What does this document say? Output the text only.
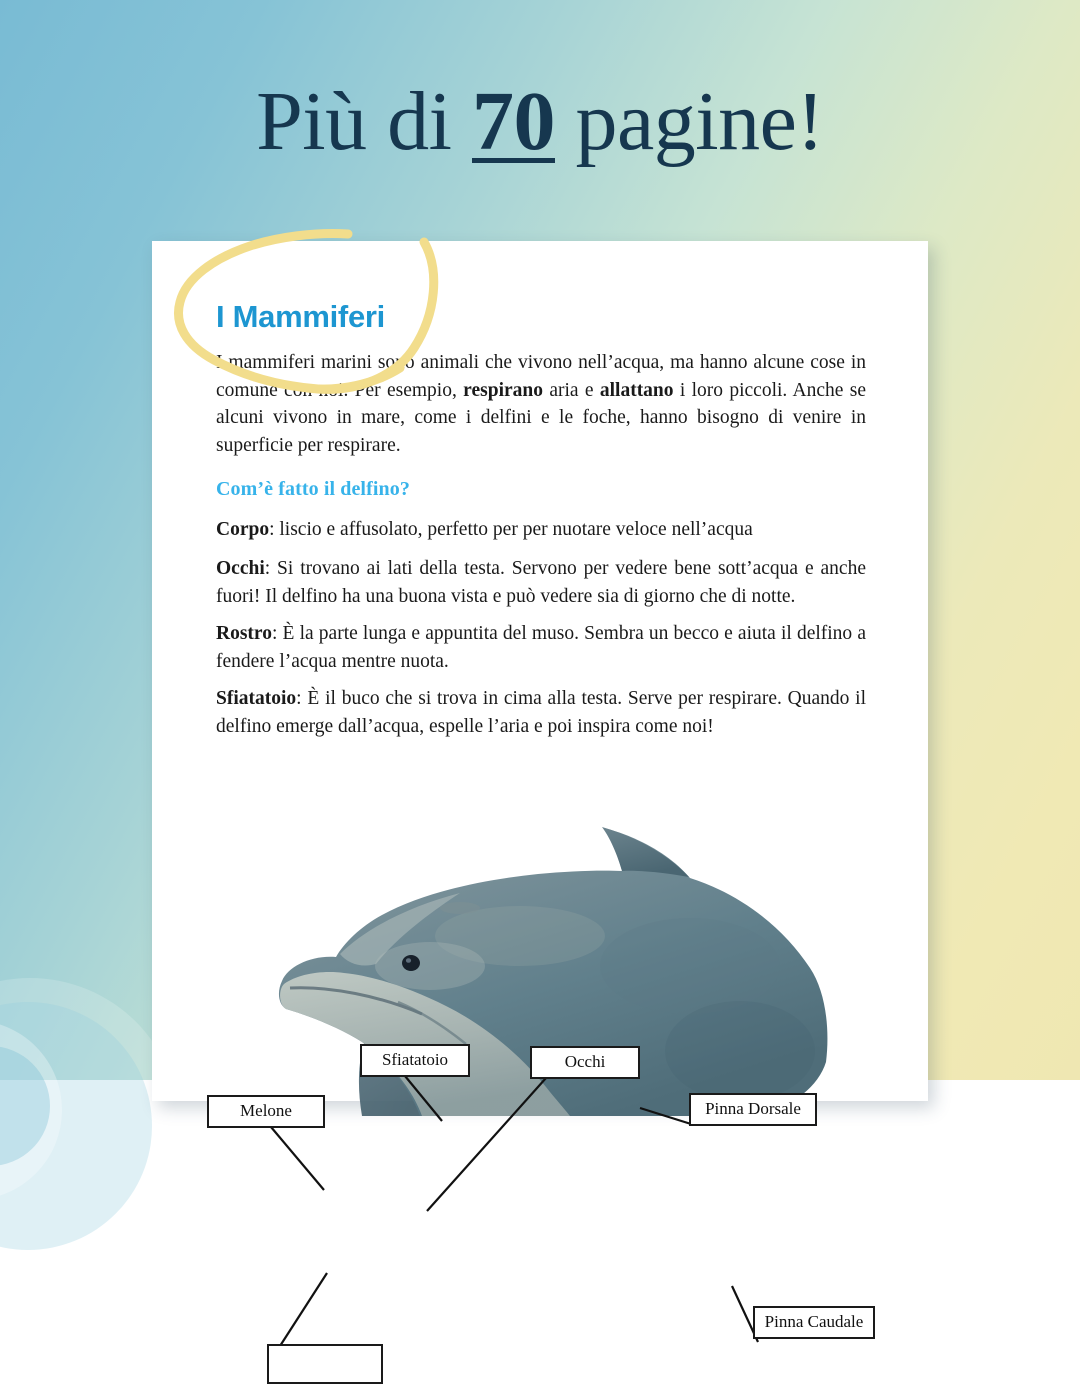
Più di 70 pagine!
I Mammiferi
I mammiferi marini sono animali che vivono nell’acqua, ma hanno alcune cose in comune con noi. Per esempio, respirano aria e allattano i loro piccoli. Anche se alcuni vivono in mare, come i delfini e le foche, hanno bisogno di venire in superficie per respirare.
Com’è fatto il delfino?
Corpo: liscio e affusolato, perfetto per per nuotare veloce nell’acqua
Occhi: Si trovano ai lati della testa. Servono per vedere bene sott’acqua e anche fuori! Il delfino ha una buona vista e può vedere sia di giorno che di notte.
Rostro: È la parte lunga e appuntita del muso. Sembra un becco e aiuta il delfino a fendere l’acqua mentre nuota.
Sfiatatoio: È il buco che si trova in cima alla testa. Serve per respirare. Quando il delfino emerge dall’acqua, espelle l’aria e poi inspira come noi!
Sfiatatoio	Occhi
Melone	Pinna Dorsale
Pinna Caudale
